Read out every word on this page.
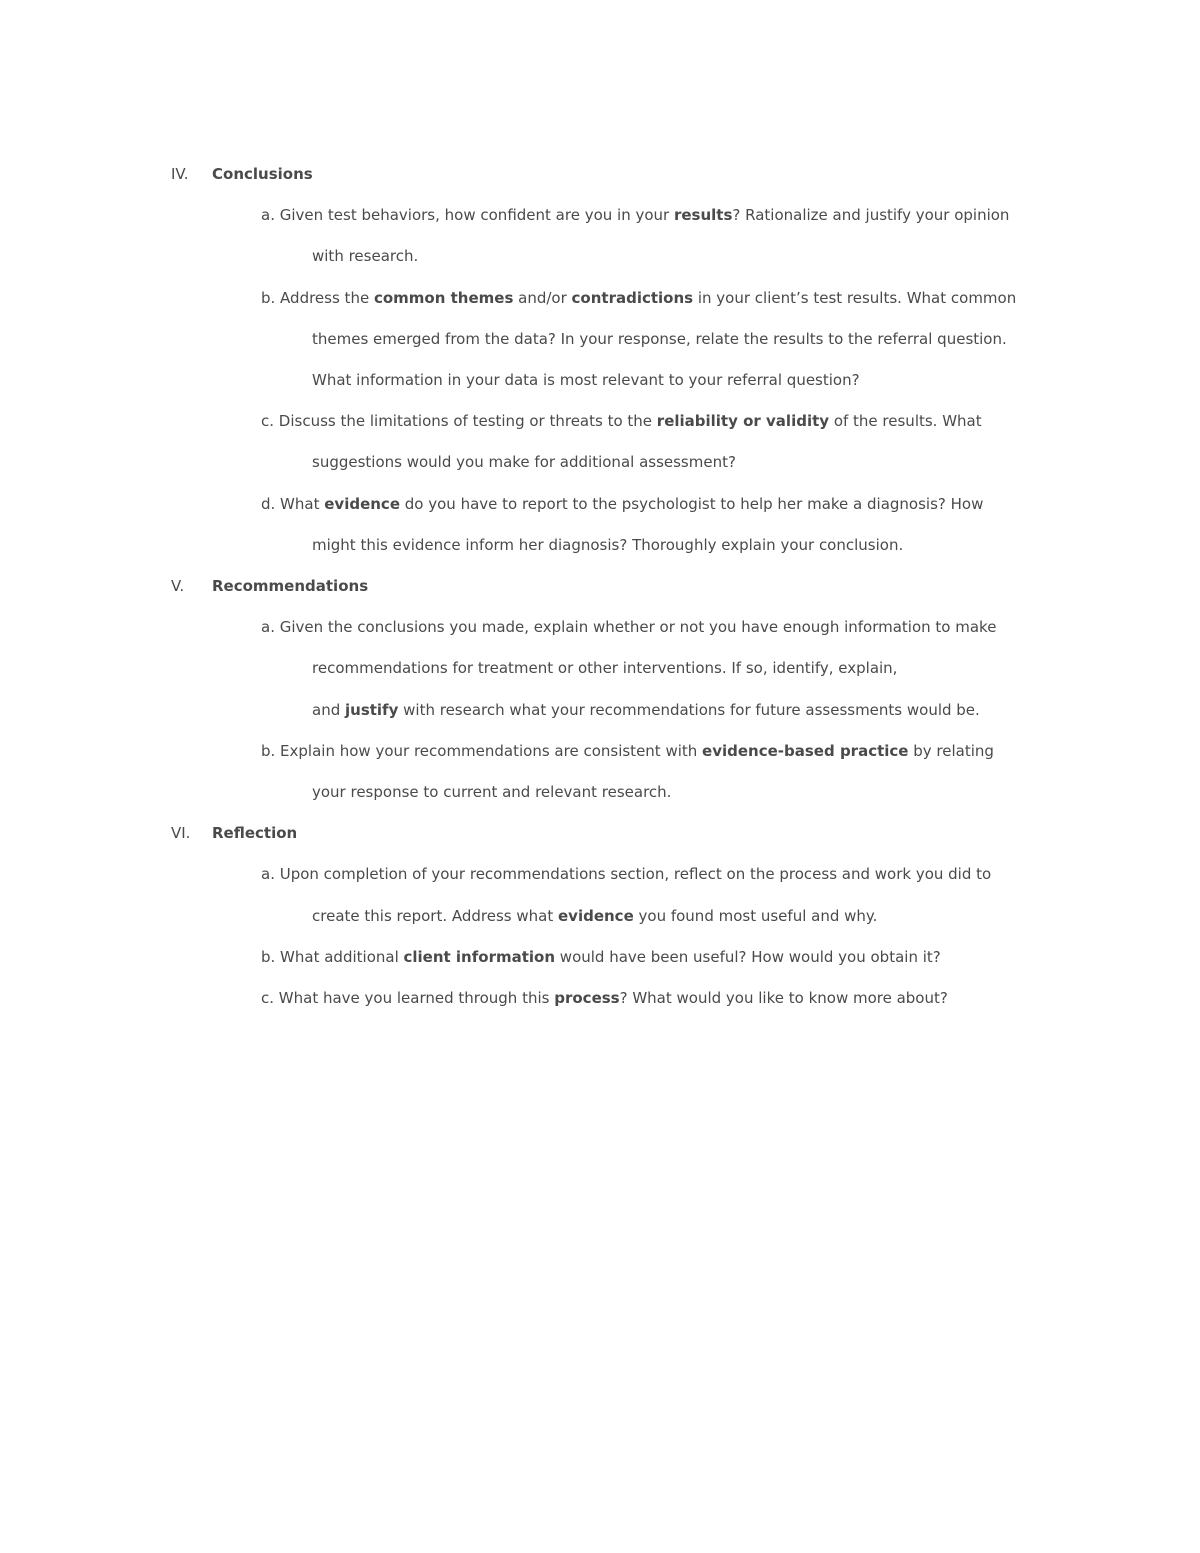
IV.	Conclusions
a. Given test behaviors, how confident are you in your results? Rationalize and justify your opinion
with research.
b. Address the common themes and/or contradictions in your client’s test results. What common
themes emerged from the data? In your response, relate the results to the referral question.
What information in your data is most relevant to your referral question?
c. Discuss the limitations of testing or threats to the reliability or validity of the results. What
suggestions would you make for additional assessment?
d. What evidence do you have to report to the psychologist to help her make a diagnosis? How
might this evidence inform her diagnosis? Thoroughly explain your conclusion.
V.	Recommendations
a. Given the conclusions you made, explain whether or not you have enough information to make
recommendations for treatment or other interventions. If so, identify, explain,
and justify with research what your recommendations for future assessments would be.
b. Explain how your recommendations are consistent with evidence-based practice by relating
your response to current and relevant research.
VI.	Reflection
a. Upon completion of your recommendations section, reflect on the process and work you did to
create this report. Address what evidence you found most useful and why.
b. What additional client information would have been useful? How would you obtain it?
c. What have you learned through this process? What would you like to know more about?
